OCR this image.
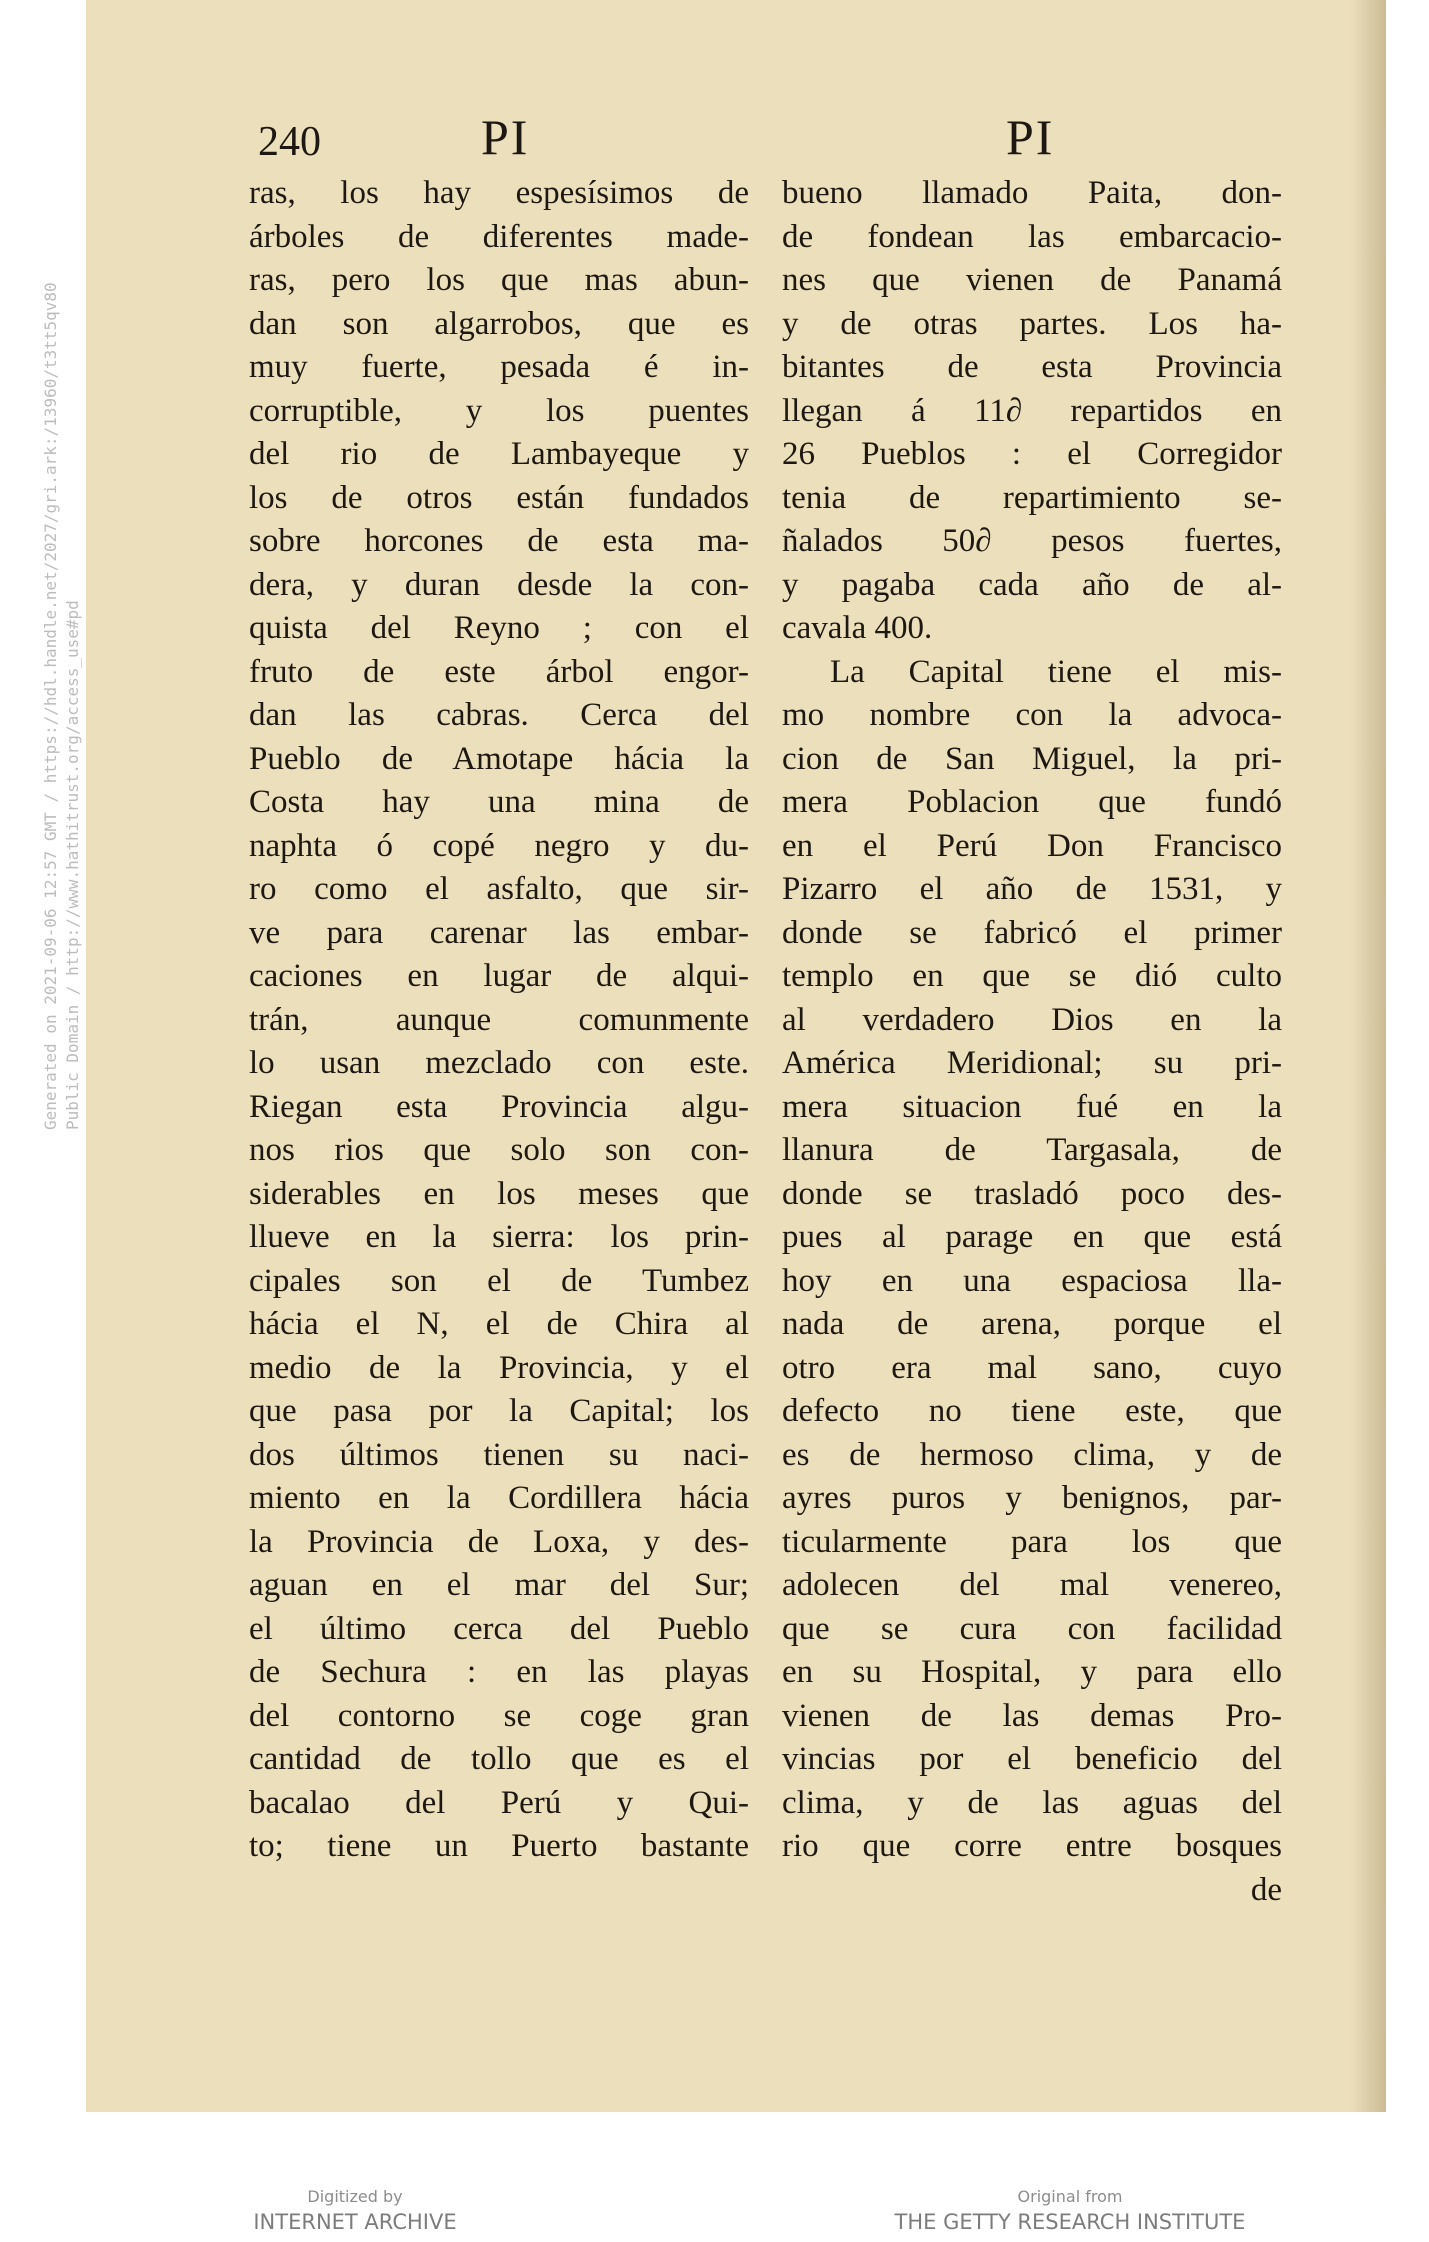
240	PI	PI
ras, los hay espesísimos de
árboles de diferentes made-
ras, pero los que mas abun-
dan son algarrobos, que es
muy fuerte, pesada é in-
corruptible, y los puentes
del rio de Lambayeque y
los de otros están fundados
sobre horcones de esta ma-
dera, y duran desde la con-
quista del Reyno ; con el
fruto de este árbol engor-
dan las cabras. Cerca del
Pueblo de Amotape hácia la
Costa hay una mina de
naphta ó copé negro y du-
ro como el asfalto, que sir-
ve para carenar las embar-
caciones en lugar de alqui-
trán, aunque comunmente
lo usan mezclado con este.
Riegan esta Provincia algu-
nos rios que solo son con-
siderables en los meses que
llueve en la sierra: los prin-
cipales son el de Tumbez
hácia el N, el de Chira al
medio de la Provincia, y el
que pasa por la Capital; los
dos últimos tienen su naci-
miento en la Cordillera hácia
la Provincia de Loxa, y des-
aguan en el mar del Sur;
el último cerca del Pueblo
de Sechura : en las playas
del contorno se coge gran
cantidad de tollo que es el
bacalao del Perú y Qui-
to; tiene un Puerto bastante
bueno llamado Paita, don-
de fondean las embarcacio-
nes que vienen de Panamá
y de otras partes. Los ha-
bitantes de esta Provincia
llegan á 11∂ repartidos en
26 Pueblos : el Corregidor
tenia de repartimiento se-
ñalados 50∂ pesos fuertes,
y pagaba cada año de al-
cavala 400.
La Capital tiene el mis-
mo nombre con la advoca-
cion de San Miguel, la pri-
mera Poblacion que fundó
en el Perú Don Francisco
Pizarro el año de 1531, y
donde se fabricó el primer
templo en que se dió culto
al verdadero Dios en la
América Meridional; su pri-
mera situacion fué en la
llanura de Targasala, de
donde se trasladó poco des-
pues al parage en que está
hoy en una espaciosa lla-
nada de arena, porque el
otro era mal sano, cuyo
defecto no tiene este, que
es de hermoso clima, y de
ayres puros y benignos, par-
ticularmente para los que
adolecen del mal venereo,
que se cura con facilidad
en su Hospital, y para ello
vienen de las demas Pro-
vincias por el beneficio del
clima, y de las aguas del
rio que corre entre bosques
de
Generated on 2021-09-06 12:57 GMT / https://hdl.handle.net/2027/gri.ark:/13960/t3tt5qv80 Public Domain / http://www.hathitrust.org/access_use#pd
Digitized by
INTERNET ARCHIVE
Original from
THE GETTY RESEARCH INSTITUTE
